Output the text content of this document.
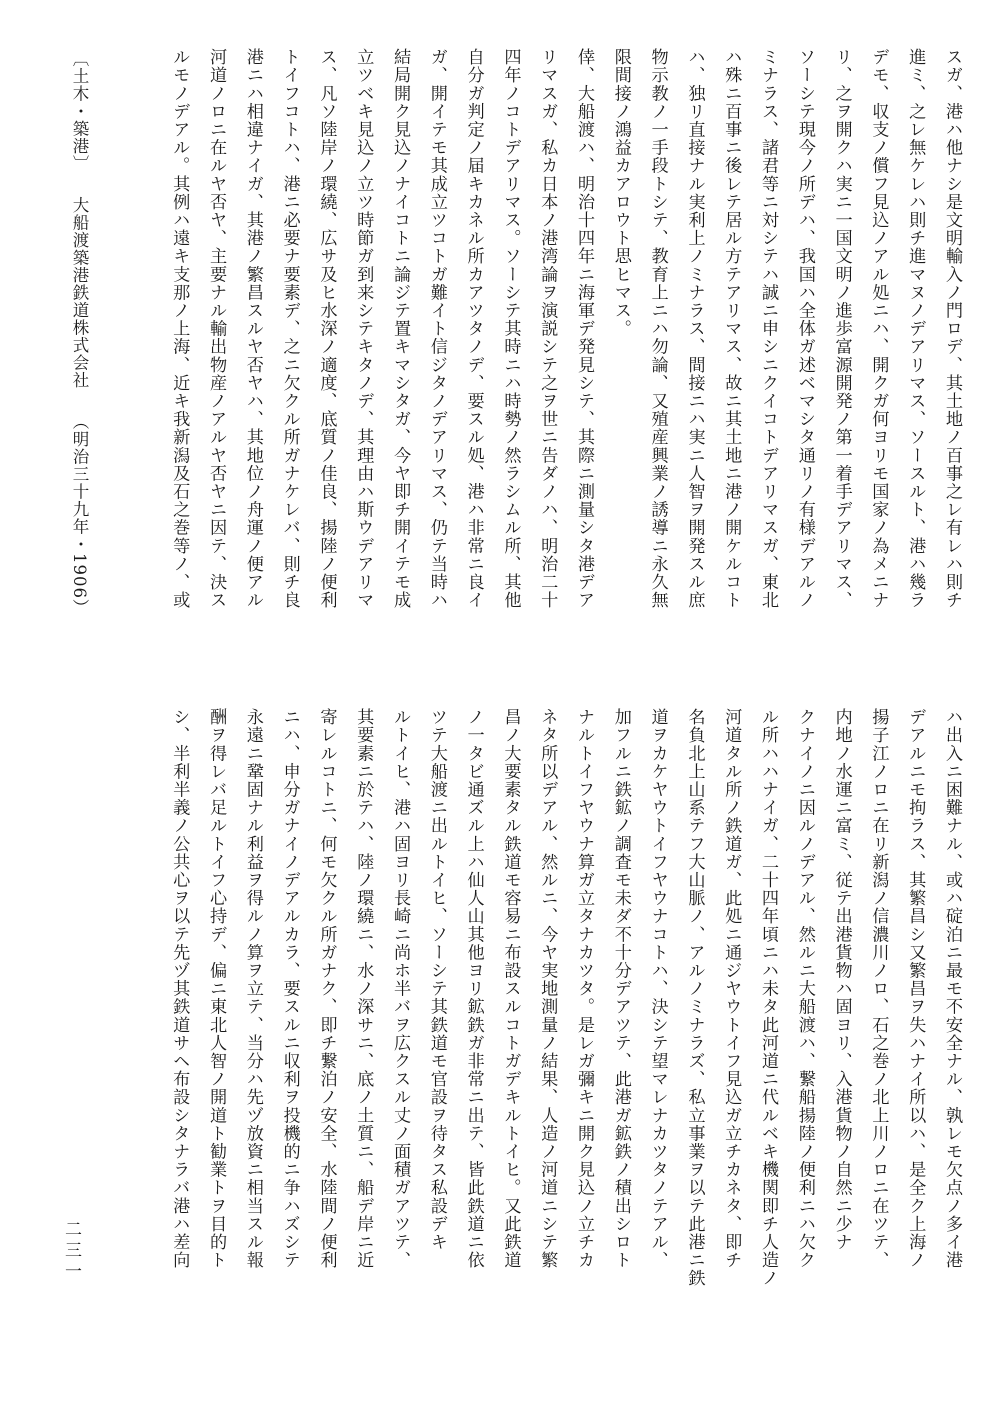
スガ、港ハ他ナシ是文明輸入ノ門ロデ、其土地ノ百事之レ有レハ則チ
進ミ、之レ無ケレハ則チ進マヌノデアリマス、ソースルト、港ハ幾ラ
デモ、収支ノ償フ見込ノアル処ニハ、開クガ何ヨリモ国家ノ為メニナ
リ、之ヲ開クハ実ニ一国文明ノ進歩富源開発ノ第一着手デアリマス、
ソーシテ現今ノ所デハ、我国ハ全体ガ述ベマシタ通リノ有様デアルノ
ミナラス、諸君等ニ対シテハ誠ニ申シニクイコトデアリマスガ、東北
ハ殊ニ百事ニ後レテ居ル方テアリマス、故ニ其土地ニ港ノ開ケルコト
ハ、独リ直接ナル実利上ノミナラス、間接ニハ実ニ人智ヲ開発スル庶
物示教ノ一手段トシテ、教育上ニハ勿論、又殖産興業ノ誘導ニ永久無
限間接ノ鴻益カアロウト思ヒマス。
倖、大船渡ハ、明治十四年ニ海軍デ発見シテ、其際ニ測量シタ港デア
リマスガ、私カ日本ノ港湾論ヲ演説シテ之ヲ世ニ告ダノハ、明治二十
四年ノコトデアリマス。ソーシテ其時ニハ時勢ノ然ラシムル所、其他
自分ガ判定ノ届キカネル所カアツタノデ、要スル処、港ハ非常ニ良イ
ガ、開イテモ其成立ツコトガ難イト信ジタノデアリマス、仍テ当時ハ
結局開ク見込ノナイコトニ論ジテ置キマシタガ、今ヤ即チ開イテモ成
立ツベキ見込ノ立ツ時節ガ到来シテキタノデ、其理由ハ斯ウデアリマ
ス、凡ソ陸岸ノ環繞、広サ及ヒ水深ノ適度、底質ノ佳良、揚陸ノ便利
トイフコトハ、港ニ必要ナ要素デ、之ニ欠クル所ガナケレバ、則チ良
港ニハ相違ナイガ、其港ノ繁昌スルヤ否ヤハ、其地位ノ舟運ノ便アル
河道ノロニ在ルヤ否ヤ、主要ナル輸出物産ノアルヤ否ヤニ因テ、決ス
ルモノデアル。其例ハ遠キ支那ノ上海、近キ我新潟及石之巻等ノ、或
〔土木・築港〕大船渡築港鉄道株式会社（明治三十九年・1906）
ハ出入ニ困難ナル、或ハ碇泊ニ最モ不安全ナル、孰レモ欠点ノ多イ港
デアルニモ拘ラス、其繁昌シ又繁昌ヲ失ハナイ所以ハ、是全ク上海ノ
揚子江ノロニ在リ新潟ノ信濃川ノロ、石之巻ノ北上川ノロニ在ツテ、
内地ノ水運ニ富ミ、従テ出港貨物ハ固ヨリ、入港貨物ノ自然ニ少ナ
クナイノニ因ルノデアル、然ルニ大船渡ハ、繋船揚陸ノ便利ニハ欠ク
ル所ハハナイガ、二十四年頃ニハ未タ此河道ニ代ルベキ機関即チ人造ノ
河道タル所ノ鉄道ガ、此処ニ通ジヤウトイフ見込ガ立チカネタ、即チ
名負北上山系テフ大山脈ノ、アルノミナラズ、私立事業ヲ以テ此港ニ鉄
道ヲカケヤウトイフヤウナコトハ、決シテ望マレナカツタノテアル、
加フルニ鉄鉱ノ調査モ未ダ不十分デアツテ、此港ガ鉱鉄ノ積出シロト
ナルトイフヤウナ算ガ立タナカツタ。是レガ彌キニ開ク見込ノ立チカ
ネタ所以デアル、然ルニ、今ヤ実地測量ノ結果、人造ノ河道ニシテ繁
昌ノ大要素タル鉄道モ容易ニ布設スルコトガデキルトイヒ。又此鉄道
ノ一タビ通ズル上ハ仙人山其他ヨリ鉱鉄ガ非常ニ出テ、皆此鉄道ニ依
ツテ大船渡ニ出ルトイヒ、ソーシテ其鉄道モ官設ヲ待タス私設デキ
ルトイヒ、港ハ固ヨリ長崎ニ尚ホ半バヲ広クスル丈ノ面積ガアツテ、
其要素ニ於テハ、陸ノ環繞ニ、水ノ深サニ、底ノ土質ニ、船デ岸ニ近
寄レルコトニ、何モ欠クル所ガナク、即チ繋泊ノ安全、水陸間ノ便利
ニハ、申分ガナイノデアルカラ、要スルニ収利ヲ投機的ニ争ハズシテ
永遠ニ鞏固ナル利益ヲ得ルノ算ヲ立テ、当分ハ先ヅ放資ニ相当スル報
酬ヲ得レバ足ルトイフ心持デ、偏ニ東北人智ノ開道ト勧業トヲ目的ト
シ、半利半義ノ公共心ヲ以テ先ヅ其鉄道サヘ布設シタナラバ港ハ差向
二三一
